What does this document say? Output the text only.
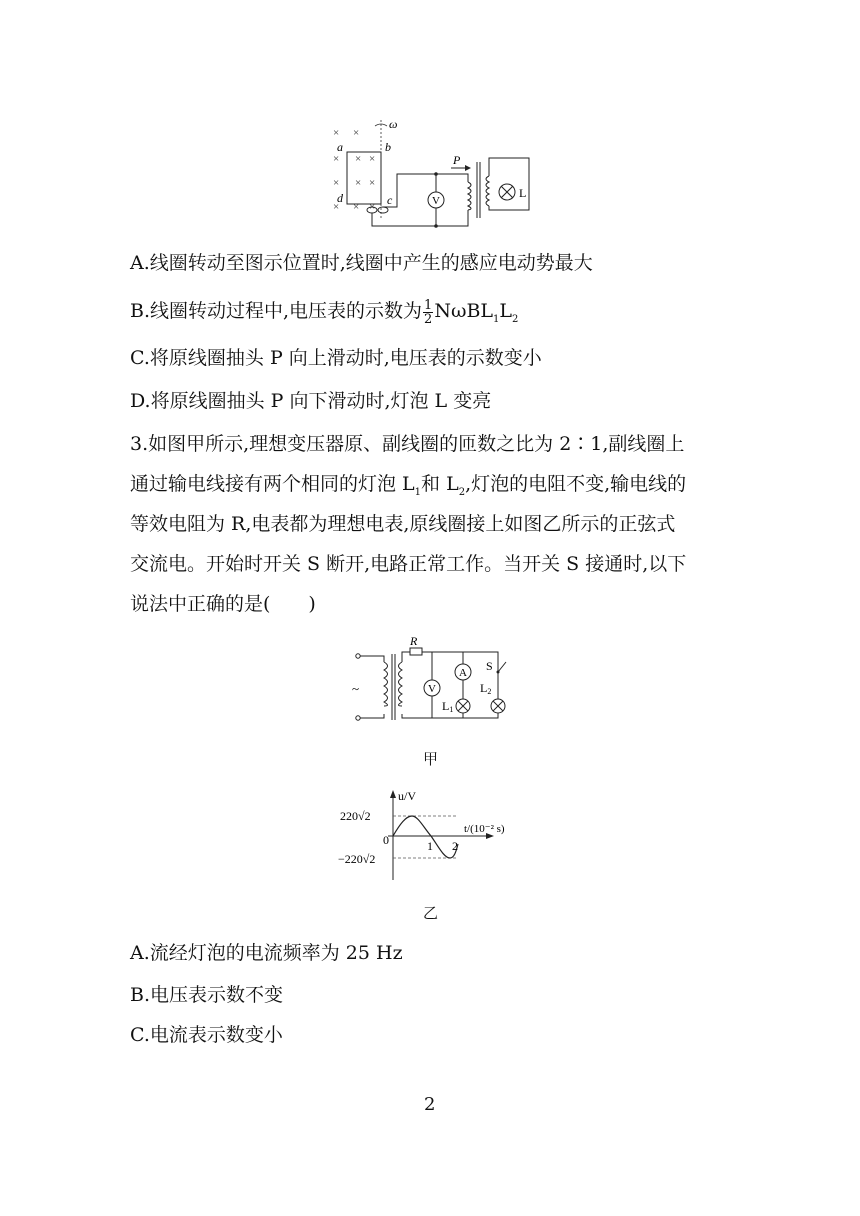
× ×
× × ×
× × ×
× × ×
ω
a	b
d	c	V
P
L
A.线圈转动至图示位置时,线圈中产生的感应电动势最大
B.线圈转动过程中,电压表的示数为 $\frac{1}{2} N\omega BL_1L_2$
C.将原线圈抽头 P 向上滑动时,电压表的示数变小
D.将原线圈抽头 P 向下滑动时,灯泡 L 变亮
3.如图甲所示,理想变压器原、副线圈的匝数之比为 2∶1,副线圈上
通过输电线接有两个相同的灯泡 $L_1$和 $L_2$,灯泡的电阻不变,输电线的
等效电阻为 R,电表都为理想电表,原线圈接上如图乙所示的正弦式
交流电。开始时开关 S 断开,电路正常工作。当开关 S 接通时,以下
说法中正确的是(　　)
~
R
V
A
L1
S
L2
甲
u/V
t/(10⁻² s)
220√2
−220√2
0	1 2
乙
A.流经灯泡的电流频率为 25 Hz
B.电压表示数不变
C.电流表示数变小
2
